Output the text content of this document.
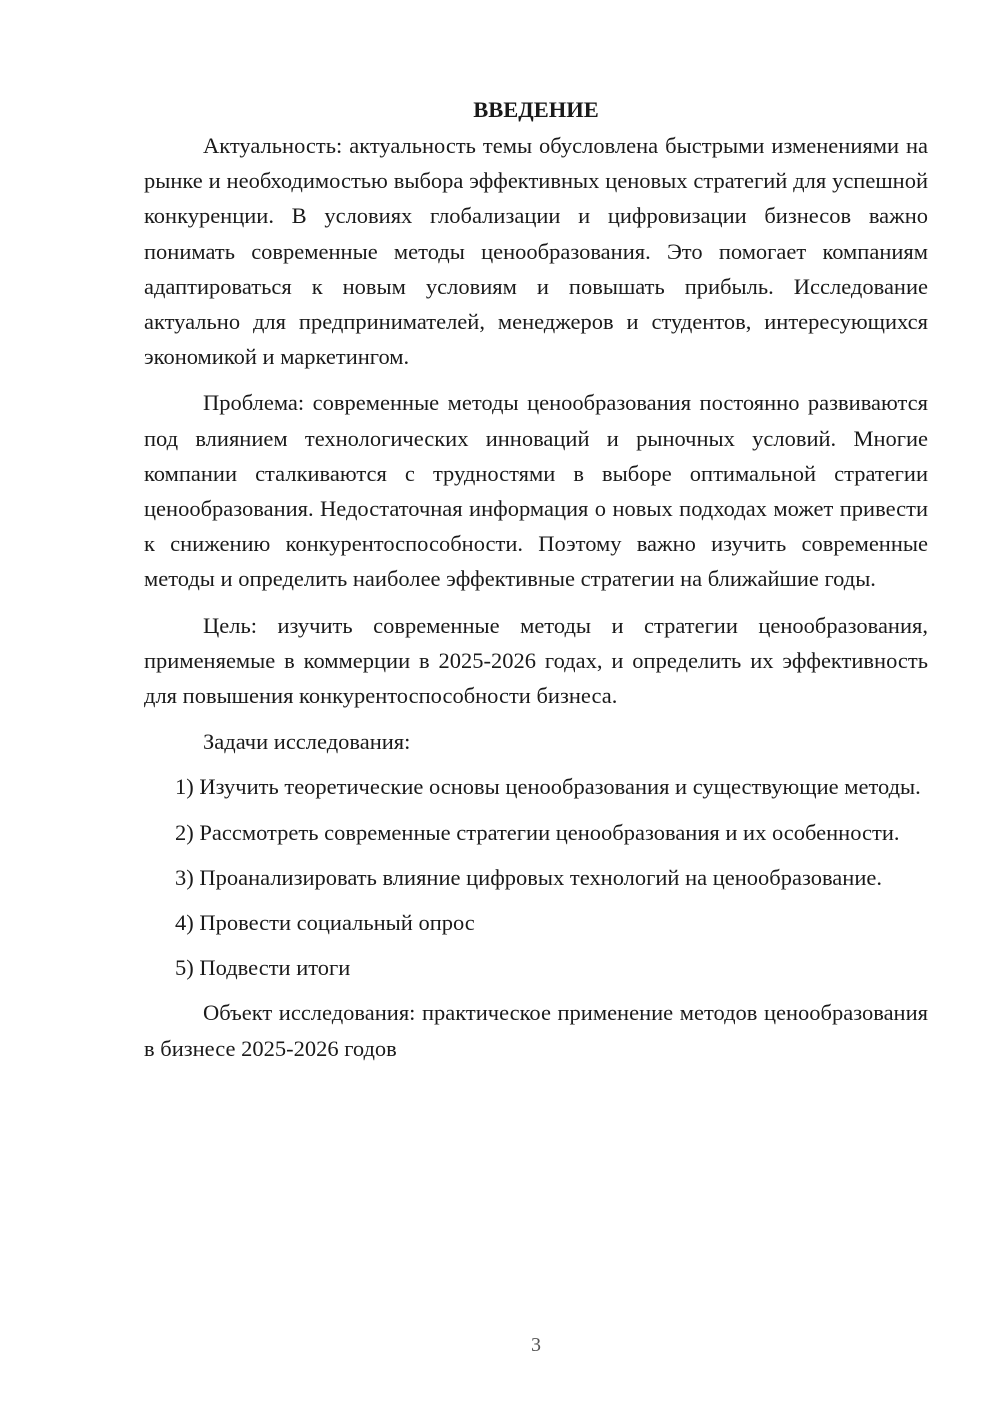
ВВЕДЕНИЕ

Актуальность: актуальность темы обусловлена быстрыми изменениями на рынке и необходимостью выбора эффективных ценовых стратегий для успешной конкуренции. В условиях глобализации и цифровизации бизнесов важно понимать современные методы ценообразования. Это помогает компаниям адаптироваться к новым условиям и повышать прибыль. Исследование актуально для предпринимателей, менеджеров и студентов, интересующихся экономикой и маркетингом.

Проблема: современные методы ценообразования постоянно развиваются под влиянием технологических инноваций и рыночных условий. Многие компании сталкиваются с трудностями в выборе оптимальной стратегии ценообразования. Недостаточная информация о новых подходах может привести к снижению конкурентоспособности. Поэтому важно изучить современные методы и определить наиболее эффективные стратегии на ближайшие годы.

Цель: изучить современные методы и стратегии ценообразования, применяемые в коммерции в 2025-2026 годах, и определить их эффективность для повышения конкурентоспособности бизнеса.

Задачи исследования:

1) Изучить теоретические основы ценообразования и существующие методы.

2) Рассмотреть современные стратегии ценообразования и их особенности.

3) Проанализировать влияние цифровых технологий на ценообразование.

4) Провести социальный опрос

5) Подвести итоги

Объект исследования: практическое применение методов ценообразования в бизнесе 2025-2026 годов

3
